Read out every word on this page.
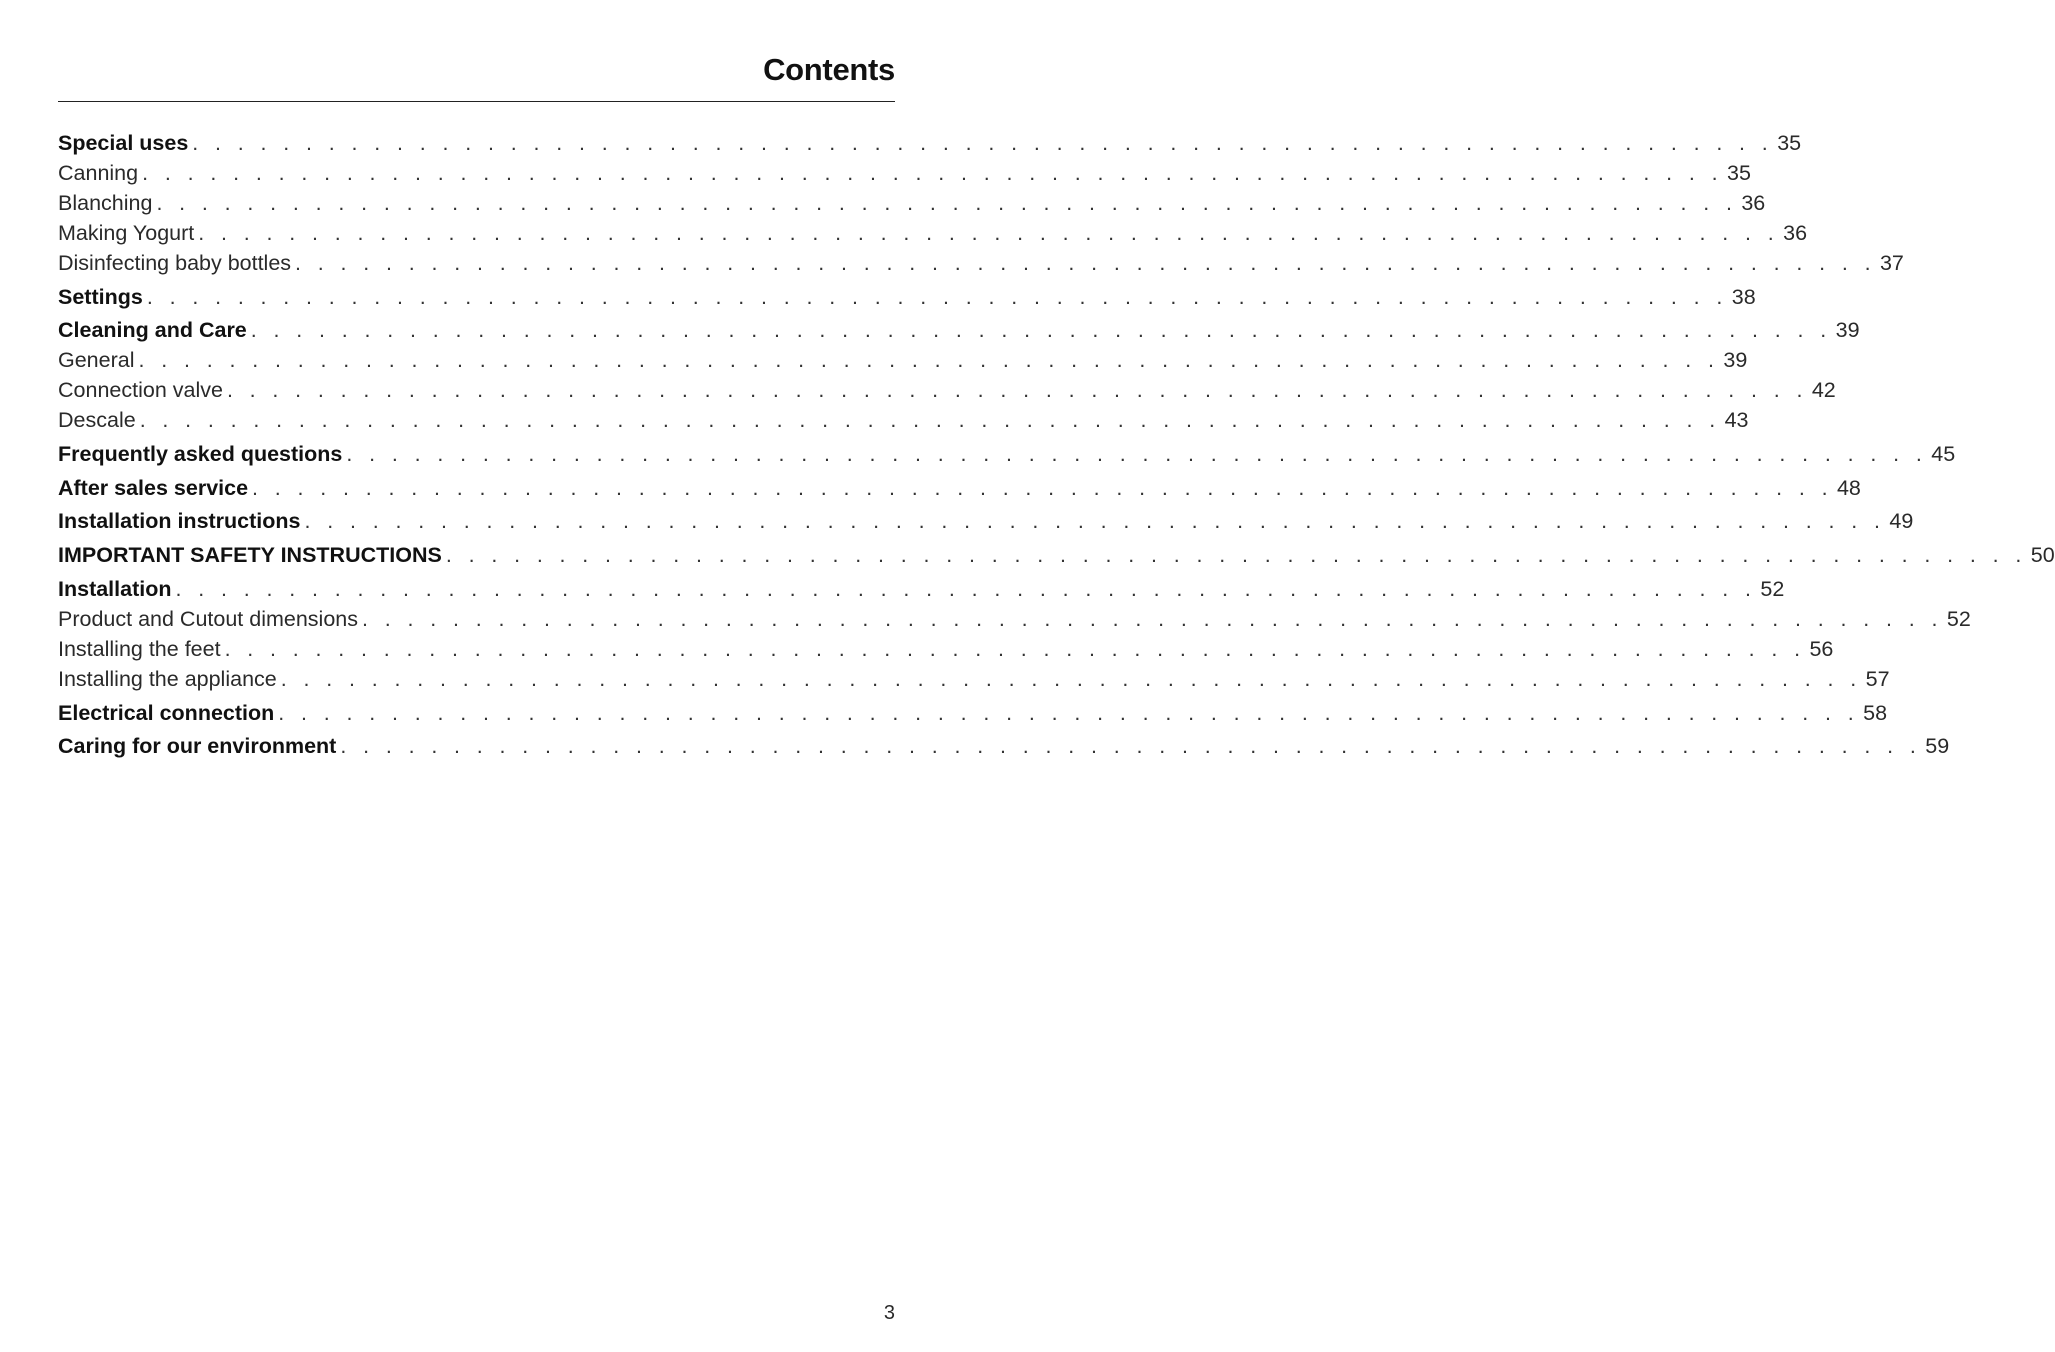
Contents
Special uses . . . . . . . . . . . . . . . . . . . . . . . . . . . . . . . . . . . . . . . . . . . . . . . . . . . . . . . . . . . . . . . . . . . . . . 35
Canning . . . . . . . . . . . . . . . . . . . . . . . . . . . . . . . . . . . . . . . . . . . . . . . . . . . . . . . . . . . . . . . . . . . . . . 35
Blanching . . . . . . . . . . . . . . . . . . . . . . . . . . . . . . . . . . . . . . . . . . . . . . . . . . . . . . . . . . . . . . . . . . . . . . 36
Making Yogurt . . . . . . . . . . . . . . . . . . . . . . . . . . . . . . . . . . . . . . . . . . . . . . . . . . . . . . . . . . . . . . . . . . . . . . 36
Disinfecting baby bottles . . . . . . . . . . . . . . . . . . . . . . . . . . . . . . . . . . . . . . . . . . . . . . . . . . . . . . . . . . . . . . . . . . . . . . 37
Settings . . . . . . . . . . . . . . . . . . . . . . . . . . . . . . . . . . . . . . . . . . . . . . . . . . . . . . . . . . . . . . . . . . . . . . 38
Cleaning and Care . . . . . . . . . . . . . . . . . . . . . . . . . . . . . . . . . . . . . . . . . . . . . . . . . . . . . . . . . . . . . . . . . . . . . . 39
General . . . . . . . . . . . . . . . . . . . . . . . . . . . . . . . . . . . . . . . . . . . . . . . . . . . . . . . . . . . . . . . . . . . . . . 39
Connection valve . . . . . . . . . . . . . . . . . . . . . . . . . . . . . . . . . . . . . . . . . . . . . . . . . . . . . . . . . . . . . . . . . . . . . . 42
Descale . . . . . . . . . . . . . . . . . . . . . . . . . . . . . . . . . . . . . . . . . . . . . . . . . . . . . . . . . . . . . . . . . . . . . . 43
Frequently asked questions . . . . . . . . . . . . . . . . . . . . . . . . . . . . . . . . . . . . . . . . . . . . . . . . . . . . . . . . . . . . . . . . . . . . . . 45
After sales service . . . . . . . . . . . . . . . . . . . . . . . . . . . . . . . . . . . . . . . . . . . . . . . . . . . . . . . . . . . . . . . . . . . . . . 48
Installation instructions . . . . . . . . . . . . . . . . . . . . . . . . . . . . . . . . . . . . . . . . . . . . . . . . . . . . . . . . . . . . . . . . . . . . . . 49
IMPORTANT SAFETY INSTRUCTIONS . . . . . . . . . . . . . . . . . . . . . . . . . . . . . . . . . . . . . . . . . . . . . . . . . . . . . . . . . . . . . . . . . . . . . . 50
Installation . . . . . . . . . . . . . . . . . . . . . . . . . . . . . . . . . . . . . . . . . . . . . . . . . . . . . . . . . . . . . . . . . . . . . . 52
Product and Cutout dimensions . . . . . . . . . . . . . . . . . . . . . . . . . . . . . . . . . . . . . . . . . . . . . . . . . . . . . . . . . . . . . . . . . . . . . . 52
Installing the feet . . . . . . . . . . . . . . . . . . . . . . . . . . . . . . . . . . . . . . . . . . . . . . . . . . . . . . . . . . . . . . . . . . . . . . 56
Installing the appliance . . . . . . . . . . . . . . . . . . . . . . . . . . . . . . . . . . . . . . . . . . . . . . . . . . . . . . . . . . . . . . . . . . . . . . 57
Electrical connection . . . . . . . . . . . . . . . . . . . . . . . . . . . . . . . . . . . . . . . . . . . . . . . . . . . . . . . . . . . . . . . . . . . . . . 58
Caring for our environment . . . . . . . . . . . . . . . . . . . . . . . . . . . . . . . . . . . . . . . . . . . . . . . . . . . . . . . . . . . . . . . . . . . . . . 59
3
